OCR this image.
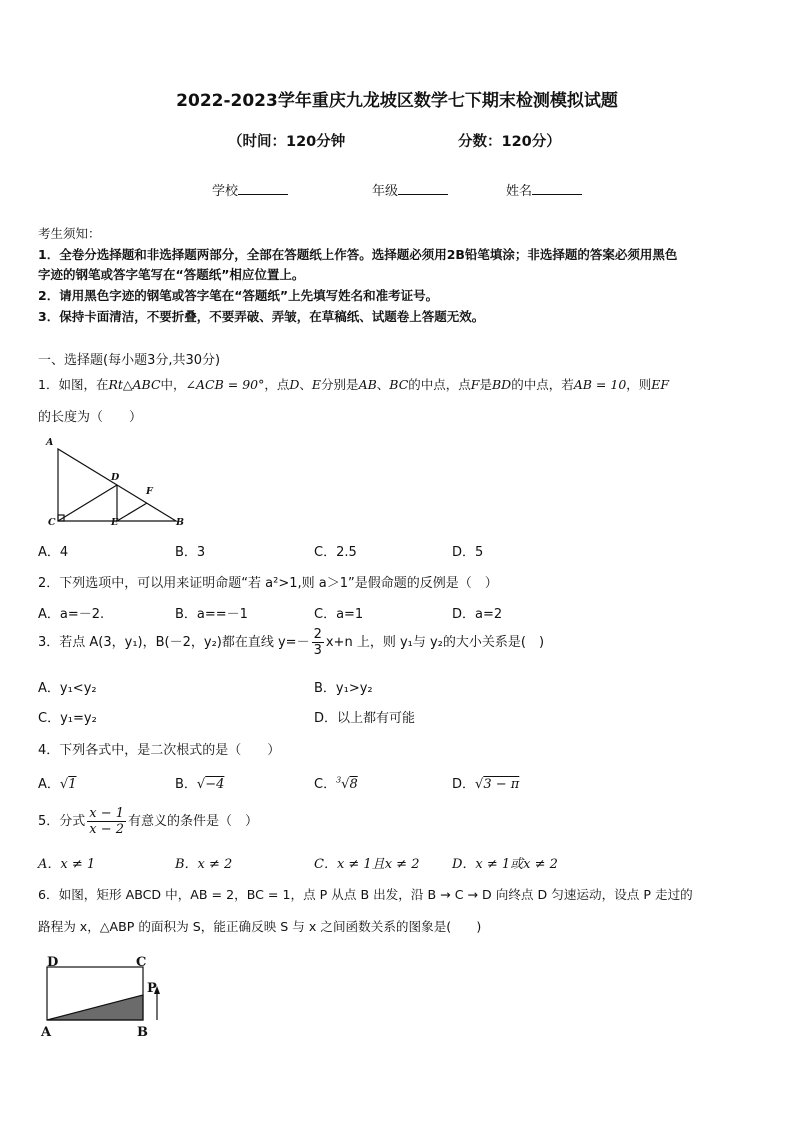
2022-2023学年重庆九龙坡区数学七下期末检测模拟试题
（时间：120分钟	分数：120分）
学校	年级	姓名
考生须知：
1．全卷分选择题和非选择题两部分，全部在答题纸上作答。选择题必须用2B铅笔填涂；非选择题的答案必须用黑色
字迹的钢笔或答字笔写在“答题纸”相应位置上。
2．请用黑色字迹的钢笔或答字笔在“答题纸”上先填写姓名和准考证号。
3．保持卡面清洁，不要折叠，不要弄破、弄皱，在草稿纸、试题卷上答题无效。
一、选择题(每小题3分,共30分)
1．如图，在Rt△ABC中，∠ACB = 90°，点D、E分别是AB、BC的中点，点F是BD的中点，若AB = 10，则EF
的长度为（　　）
A
D
F
C	E	B
A．4	B．3	C．2.5	D．5
2．下列选项中，可以用来证明命题“若 a²>1,则 a＞1”是假命题的反例是（　）
A．a=－2.	B．a==－1	C．a=1	D．a=2
3．若点 A(3，y₁)，B(－2，y₂)都在直线 $y=- \frac{2}{3} x+n$ 上，则 y₁与 y₂的大小关系是(　)
A．y₁<y₂	B．y₁>y₂
C．y₁=y₂	D．以上都有可能
4．下列各式中，是二次根式的是（　　）
A．√1	B．√−4	C．$^3$√8	D．√3 − π
5．分式 $\frac{x - 1}{x - 2}$ 有意义的条件是（　）
A．x ≠ 1	B．x ≠ 2	C．x ≠ 1且x ≠ 2	D．x ≠ 1或x ≠ 2
6．如图，矩形 ABCD 中，AB = 2，BC = 1，点 P 从点 B 出发，沿 B → C → D 向终点 D 匀速运动，设点 P 走过的
路程为 x，△ABP 的面积为 S，能正确反映 S 与 x 之间函数关系的图象是(　　)
D	C
P
A	B
